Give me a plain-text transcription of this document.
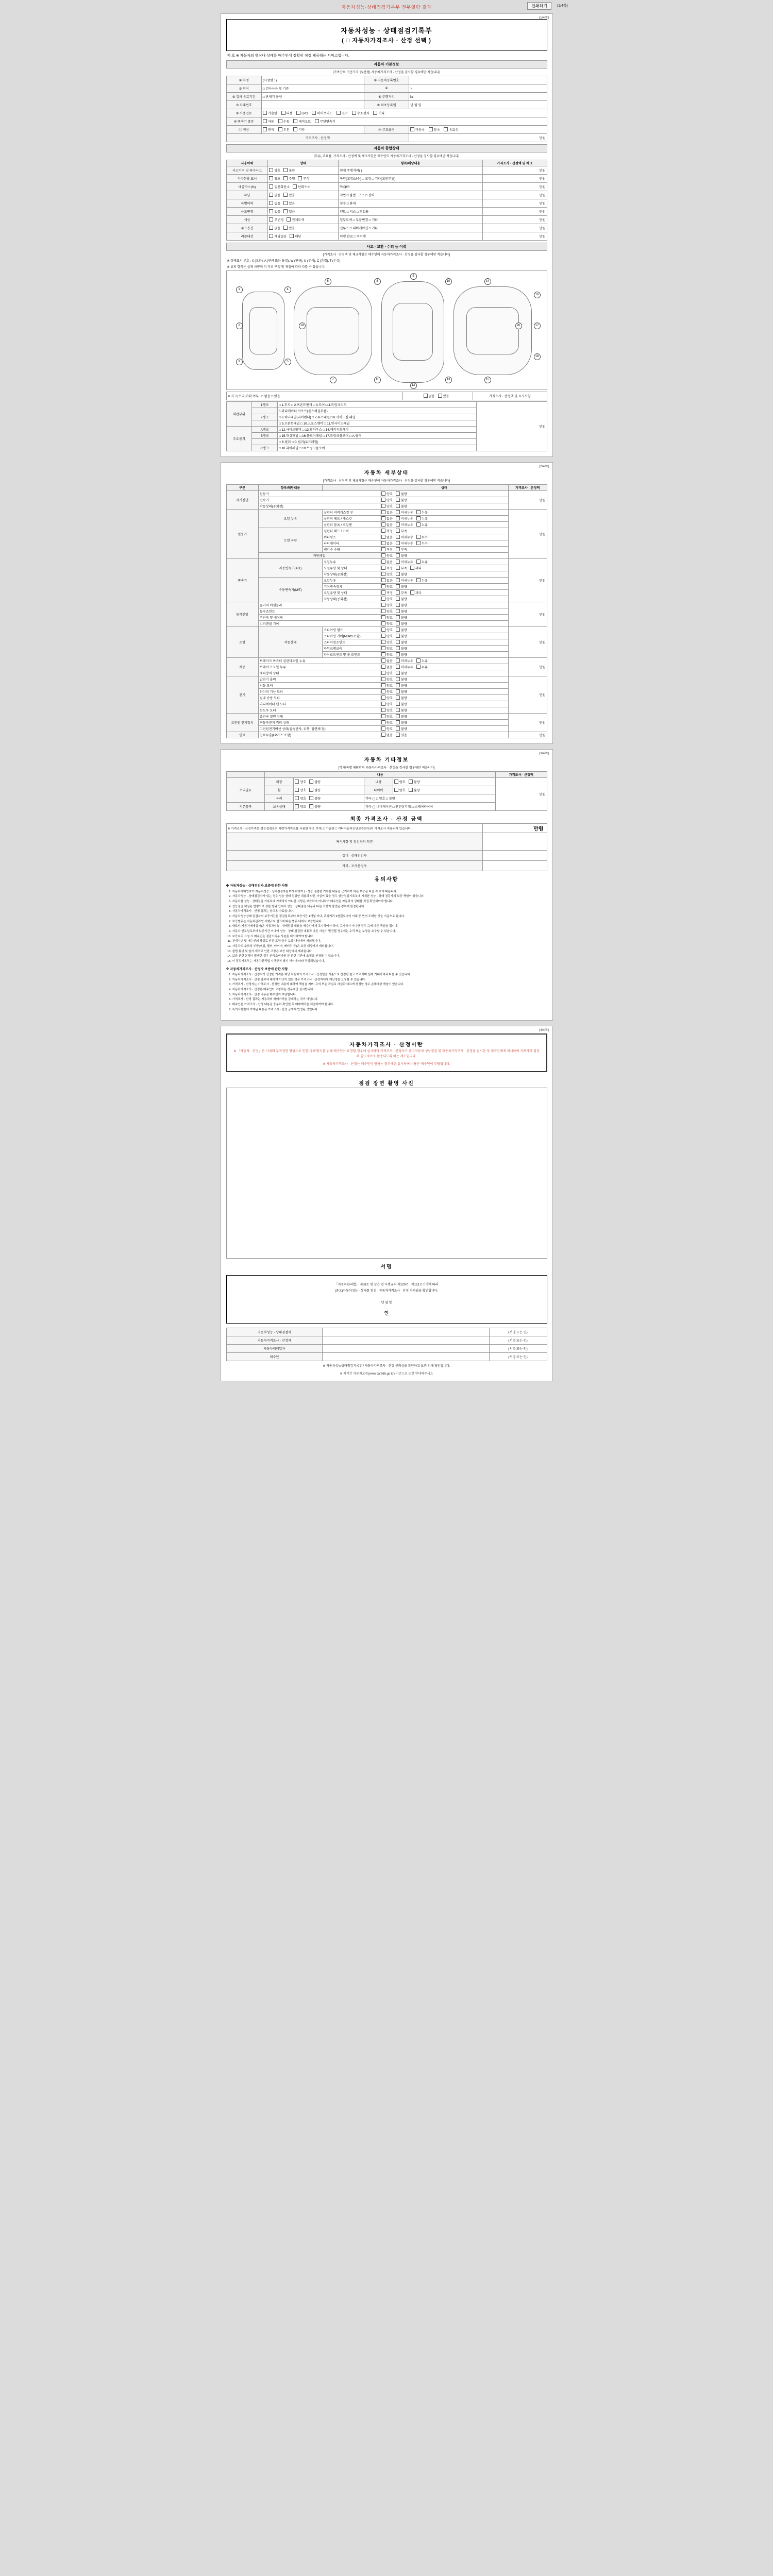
자동차성능·상태점검기록부 전부열람 결과	인쇄하기	(1/4쪽)
(1/4쪽)
자동차성능 · 상태점검기록부
( □ 자동차가격조사 · 산정 선택 )
제 호 ※ 자동차의 핵심내·상태를 매수인에 정확히 점검 제공해는 서비스입니다.
자동차 기본정보
[가족간의 기준가격 등(산정) 자동차가격조사 · 산정을 검사할 경우에만 적습니다]
① 차명	(사양명 : )	② 자동차등록번호	
③ 연식	□ 검사사용 및 기준	④	~
⑤ 검사 유효기간	□ 판매기 용량	⑥ 주행거리	㎞
⑦ 차대번호		⑧ 최초등록일	년 월 일
⑨ 사용연료	가솔린 디젤 LPG 하이브리드 전기 수소전지 기타		
⑩ 변속기 종류	자동 수동 세미오토 무단변속기		
⑪ 색상	원색 투톤 기타	⑫ 주요옵션	미등록 등록 유효성
가격조사 · 산정액			만원
자동차 종합상태
[부品, 주요품, 가격조사 · 산정액 및 체크사항은 매수인이 자동차가격조사 · 산정을 검사할 경우에만 적습니다]
사용이력	상태	항목/해당내용	가격조사 · 산정액 및 체크
사고이력 및 특수사고	양호 불량	현재 주행거리( )	만원
기타현황 표시	양호 주행 부식	복원(교정/보수) □ 교정 □ 기타(교환부위)	만원
배출가스(%)	일산화탄소 탄화수소	% ppm	만원
튜닝	없음 있음	적법 □ 불법 구조 □ 장치	만원
특별이력	없음 있음	침수 □ 화재	만원
용도변경	없음 있음	렌트 □ 리스 □ 영업용	만원
색상	무변경 전체도색	일부도색 □ 부분변경 □ 기타	만원
주요옵션	없음 있음	선루프 □ 내비게이션 □ 기타	만원
리콜대상	해당없음 해당	이행 완료 □ 미이행	만원
사고 · 교환 · 수리 등 이력
[가격조사 · 산정액 및 체크사항은 매수인이 자동차가격조사 · 산정을 검사할 경우에만 적습니다]
※ 상태표시 부호 : X (교환), A (판금 또는 용접), W (판금), U (부식), C (흠집), T (손상)
※ 위의 항목은 실제 차량의 각 부위 구성 및 재질에 따라 다를 수 있습니다.
1
2
3
4
5
6
7
8
9
10
11
12
13
14
15
16
17
18
19	20
※ 사고(수리)이력 여부 : □ 없음 □ 있음	없음	있음	가격조사 · 산정액 및 표시사항
외판부위	1랭크	□ 1.후드 □ 2.프론트팬더 □ 3.도어 □ 4.트렁크리드	만원
		5.라디에이터 서포트(볼트체결부품)	
	2랭크	□ 6.퀵터패널(리어펜더) □ 7.루프패널 □ 8.사이드실 패널	
		□ 9.프론트패널 □ 10.크로스멤버 □ 11.인사이드패널	
주요골격	A랭크	□ 12.사이드멤버 □ 13.휠하우스 □ 14.패키지트레이	
	B랭크	□ 15.대쉬패널 □ 16.플로어패널 □ 17.트렁크플로어 □ A.필러	
		□ B.필러 □ C.필러(루프레일)	
	C랭크	□ 18.리어패널 □ 19.트렁크플로어	
(2/4쪽)
자동차 세부상태
[가격조사 · 산정액 및 체크사항은 매수인이 자동차가격조사 · 산정을 검사할 경우에만 적습니다]
구분	항목/해당내용		상태	가격조사 · 산정액
자기진단	원동기		양호 불량	만원
	변속기		양호 불량	
	작동상태(공회전)		양호 불량	
원동기	오일 누유	실린더 커버개스킷 부	없음 미세누유 누유	만원
		실린더 헤드 / 개스킷	없음 미세누유 누유	
		실린더 블록 / 오일팬	없음 미세누유 누유	
	오일 유량	실린더 헤드 / 커버	적정 부족	
		워터펌프	없음 미세누수 누수	
		라디에이터	없음 미세누수 누수	
		냉각수 수량	적정 부족	
	커먼레일		양호 불량	
변속기	자동변속기(A/T)	오일누유	없음 미세누유 누유	만원
		오일유량 및 상태	적정 부족 과다	
		작동상태(공회전)	양호 불량	
	수동변속기(M/T)	오일누유	없음 미세누유 누유	
		기어변속장치	양호 불량	
		오일유량 및 상태	적정 부족 과다	
		작동상태(공회전)	양호 불량	
동력전달	클러치 어셈블리		양호 불량	만원
	등속조인트		양호 불량	
	추진축 및 베어링		양호 불량	
	디퍼렌셜 기어		양호 불량	
조향	작동상태	스티어링 펌프	양호 불량	만원
		스티어링 기어(MDPS포함)	양호 불량	
		스티어링조인트	양호 불량	
		파워크랭크축	양호 불량	
		타이로드엔드 및 볼 조인트	양호 불량	
제동	브레이크 마스터 실린더오일 누유		없음 미세누유 누유	만원
	브레이크 오일 누유		없음 미세누유 누유	
	배력장치 상태		양호 불량	
전기	발전기 출력		양호 불량	만원
	시동 모터		양호 불량	
	와이퍼 기능 모터		양호 불량	
	실내 송풍 모터		양호 불량	
	라디에이터 팬 모터		양호 불량	
	윈도우 모터		양호 불량	
고전원 전기장치	충전구 절연 상태		양호 불량	만원
	구동축전지 격리 상태		양호 불량	
	고전원전기배선 상태(접속단자, 피복, 절연체 등)		양호 불량	
연료	연료누출(LP가스 포함)		없음 있음	만원
(3/4쪽)
자동차 기타정보
[각 항목별 해당란의 자동차가격조사 · 산정을 검사할 경우에만 적습니다]
	내용				가격조사 · 산정액
수리필요	외장	양호 불량	내장	양호 불량	만원
	휠	양호 불량	타이어	양호 불량	
	유리	양호 불량	기타 ( ) □ 양호 □ 불량		
기본품목	보유상태	양호 불량	기타 ( ) 네비게이션 □ 안전삼각대 □ 스페어타이어		
최종 가격조사 · 산정 금액
※ 가격조사 · 산정가격은 성능점검장의 차량가격자료를 사용한 참조 가격( □ 가솔린 □ 기타자동차진단보증회사)이 가격조사 적용되어 있습니다.	만원
특기사항 및 점검자의 의견	
정비 · 상태점검자	
가격 · 조사산정자	
유의사항
※ 자동차성능 · 상태점검자 보증에 관한 사항
1. 자동차매매업자가 자동차성능 · 상태점검자를보기 위하여 ( · 성능 점검한 기록한 내용을 근거하여 하는 보증은 다음 각 호에 따릅니다.
2. 자동차성능 · 상태점검자가 있는 경우 성능 상태 점검한 내용과 다른 사실이 있을 경우 성능점검기록부에 기재한 성능 · 상태 점검자의 보증 책임이 있습니다.
3. 자동차를 성능 · 상태점검 기록부에 기재하지 아니한 사항은 보증하지 아니하며 매수인은 자동차의 상태를 직접 확인하여야 합니다.
4. 성능점검 책임은 법령으로 정한 범위 안에서 성능 · 상태점검 내용과 다른 사항이 발견된 경우에 한정됩니다.
5. 자동차가격조사 · 산정 결과는 참고용 자료입니다.
6. 자동차성능상태 점검자의 보증기간은 점검일로부터 보증기간 1개월 이내, 주행거리 2천킬로미터 이내 중 먼저 도래한 것을 기준으로 합니다.
7. 보증범위는 자동차관리법 시행규칙 별표에 따른 범위 내에서 보증합니다.
8. 매도인(자동차매매업자)은 자동차성능 · 상태점검 내용을 매수인에게 고지하여야 하며, 고지하지 아니한 경우 그에 따른 책임을 집니다.
9. 자동차 인도일로부터 보증기간 이내에 성능 · 상태 점검한 내용과 다른 사실이 발견될 경우에는 수리 또는 보상을 요구할 수 있습니다.
10. 보증수리 요청 시 매수인은 점검기록부 사본을 제시하여야 합니다.
11. 천재지변 및 매수인의 과실로 인한 고장 등은 보증 대상에서 제외됩니다.
12. 자동차의 소모성 부품(오일, 필터, 타이어, 배터리 등)은 보증 대상에서 제외됩니다.
13. 불법 튜닝 및 임의 개조로 인한 고장은 보증 대상에서 제외됩니다.
14. 보증 관련 분쟁이 발생한 경우 한국소비자원 등 관련 기관에 조정을 신청할 수 있습니다.
15. 이 점검기록부는 자동차관리법 시행규칙 별지 서식에 따라 작성되었습니다.
※ 자동차가격조사 · 산정자 보증에 관한 사항
1. 자동차가격조사 · 산정자가 산정한 가격은 해당 자동차의 가격조사 · 산정일을 기준으로 산정한 참고 가격이며 실제 거래가격과 다를 수 있습니다.
2. 자동차가격조사 · 산정 결과에 대하여 이의가 있는 경우 가격조사 · 산정자에게 재산정을 요청할 수 있습니다.
3. 가격조사 · 산정자는 가격조사 · 산정한 내용에 대하여 책임을 지며, 고의 또는 과실로 사실과 다르게 산정한 경우 손해배상 책임이 있습니다.
4. 자동차가격조사 · 산정은 매수인이 요청하는 경우에만 실시합니다.
5. 자동차가격조사 · 산정 비용은 매수인이 부담합니다.
6. 가격조사 · 산정 결과는 자동차의 매매가격을 강제하는 것이 아닙니다.
7. 매수인은 가격조사 · 산정 내용을 충분히 확인한 후 매매계약을 체결하여야 합니다.
8. 특기사항란에 기재된 내용은 가격조사 · 산정 금액에 반영된 것입니다.
(4/4쪽)
자동차가격조사 · 산정이란
※ 「자동차 · 산정」은 시세의 부적정한 형성으로 인한 피해 방지를 위해 매수인이 요청할 경우에 실시하며 가격조사 · 산정자가 중고자동차 성능점검 및 자동차가격조사 · 산정을 실시한 후 매수인에게 제시하여 거래가격 결정의 참고자료로 활용되도록 하는 제도입니다.
※ 자동차가격조사 · 산정은 매수인이 원하는 경우에만 실시하며 비용은 매수인이 부담합니다.
점검 장면 촬영 사진
서명
「자동차관리법」 제58조 및 같은 법 시행규칙 제120조 · 제121조기기에 따라
(중고)자동차성능 · 상태를 점검 · 자동차가격조사 · 산정 가격임을 확인합니다.
년 월 일
인
자동차성능 · 상태점검자		(서명 또는 인)
자동차가격조사 · 산정자		(서명 또는 인)
자동차매매업자		(서명 또는 인)
매수인		(서명 또는 인)
※ 자동차성능상태점검기록부 / 자동차가격조사 · 산정 신뢰성을 확인하고 보관 위해 확인합니다.
※ 차기간 자동차보증(www.car365.go.kr) 기준으로 또한 안내해주세요
